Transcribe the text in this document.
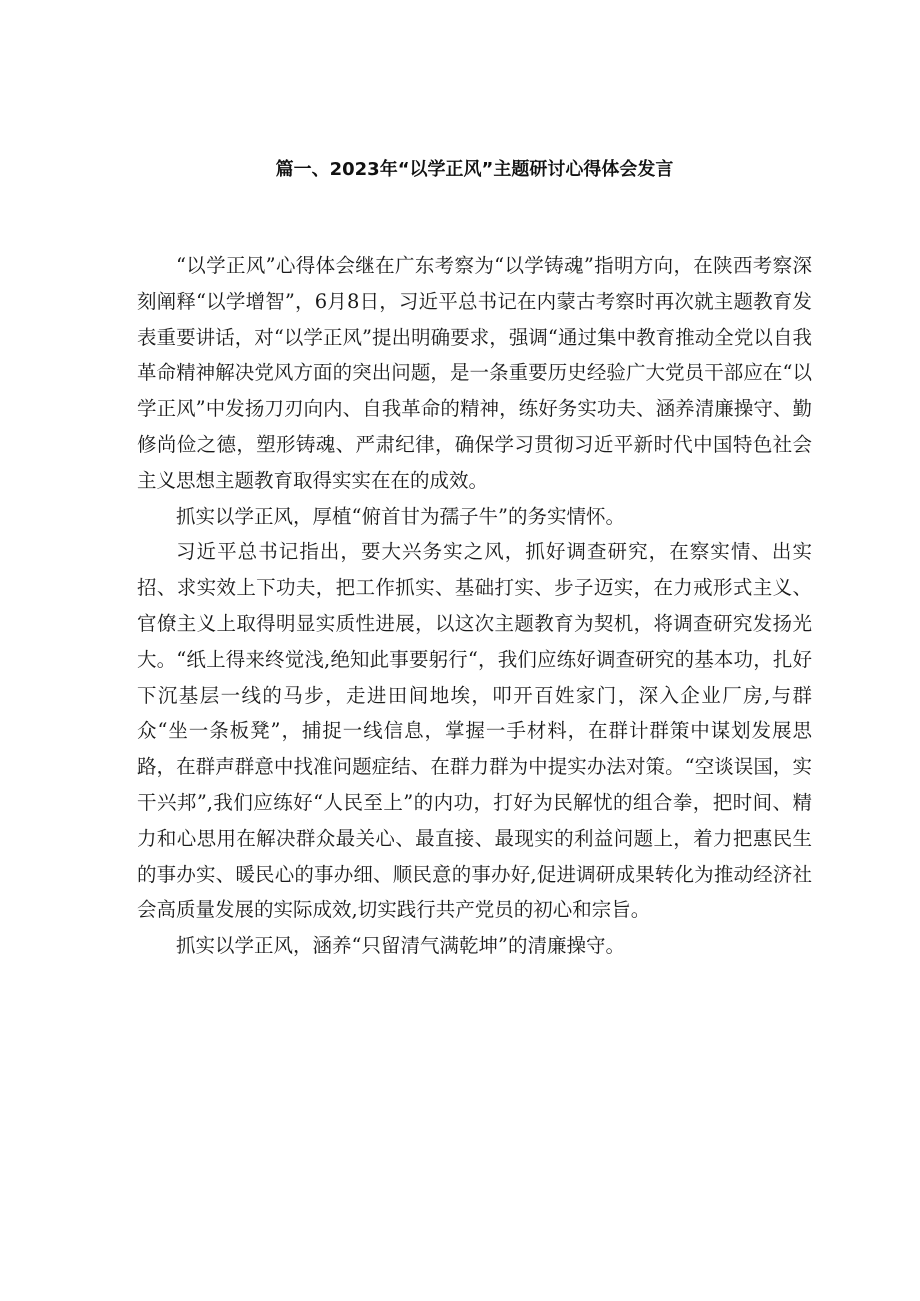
篇一、2023年“以学正风”主题研讨心得体会发言

“以学正风”心得体会继在广东考察为“以学铸魂”指明方向，在陕西考察深刻阐释“以学增智”，6月8日，习近平总书记在内蒙古考察时再次就主题教育发表重要讲话，对“以学正风”提出明确要求，强调“通过集中教育推动全党以自我革命精神解决党风方面的突出问题，是一条重要历史经验广大党员干部应在“以学正风”中发扬刀刃向内、自我革命的精神，练好务实功夫、涵养清廉操守、勤修尚俭之德，塑形铸魂、严肃纪律，确保学习贯彻习近平新时代中国特色社会主义思想主题教育取得实实在在的成效。

抓实以学正风，厚植“俯首甘为孺子牛”的务实情怀。

习近平总书记指出，要大兴务实之风，抓好调查研究，在察实情、出实招、求实效上下功夫，把工作抓实、基础打实、步子迈实，在力戒形式主义、官僚主义上取得明显实质性进展，以这次主题教育为契机，将调查研究发扬光大。“纸上得来终觉浅,绝知此事要躬行“，我们应练好调查研究的基本功，扎好下沉基层一线的马步，走进田间地埃，叩开百姓家门，深入企业厂房,与群众“坐一条板凳”，捕捉一线信息，掌握一手材料，在群计群策中谋划发展思路，在群声群意中找准问题症结、在群力群为中提实办法对策。“空谈误国，实干兴邦”,我们应练好“人民至上”的内功，打好为民解忧的组合拳，把时间、精力和心思用在解决群众最关心、最直接、最现实的利益问题上，着力把惠民生的事办实、暖民心的事办细、顺民意的事办好,促进调研成果转化为推动经济社会高质量发展的实际成效,切实践行共产党员的初心和宗旨。

抓实以学正风，涵养“只留清气满乾坤”的清廉操守。
